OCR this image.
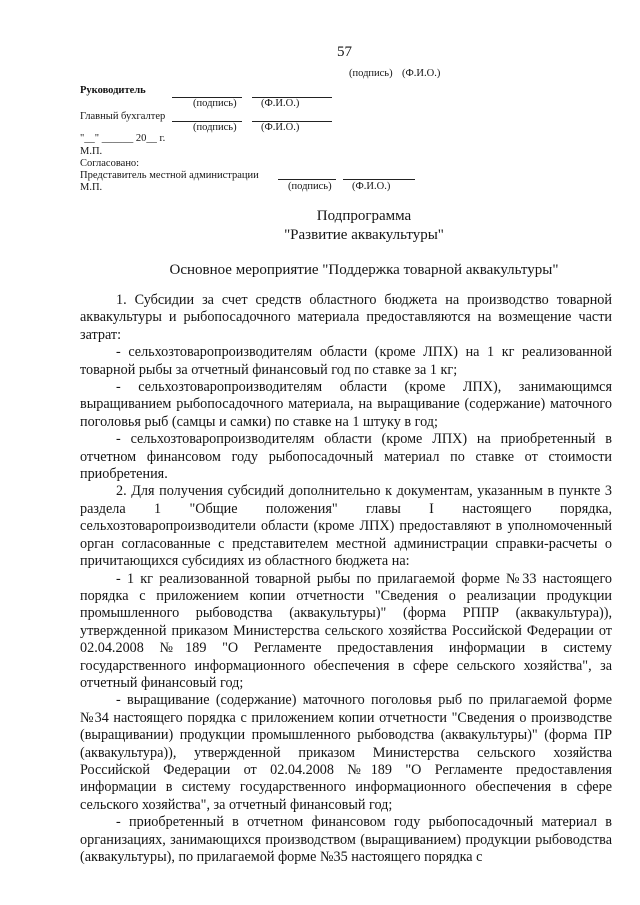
57
(подпись) (Ф.И.О.)
Руководитель
(подпись) (Ф.И.О.)
Главный бухгалтер
(подпись) (Ф.И.О.)
"__" ______ 20__ г.
М.П.
Согласовано:
Представитель местной администрации
М.П.	(подпись) (Ф.И.О.)
Подпрограмма
"Развитие аквакультуры"
Основное мероприятие "Поддержка товарной аквакультуры"

1. Субсидии за счет средств областного бюджета на производство товарной аквакультуры и рыбопосадочного материала предоставляются на возмещение части затрат:

- сельхозтоваропроизводителям области (кроме ЛПХ) на 1 кг реализованной товарной рыбы за отчетный финансовый год по ставке за 1 кг;

- сельхозтоваропроизводителям области (кроме ЛПХ), занимающимся выращиванием рыбопосадочного материала, на выращивание (содержание) маточного поголовья рыб (самцы и самки) по ставке на 1 штуку в год;

- сельхозтоваропроизводителям области (кроме ЛПХ) на приобретенный в отчетном финансовом году рыбопосадочный материал по ставке от стоимости приобретения.

2. Для получения субсидий дополнительно к документам, указанным в пункте 3 раздела 1 "Общие положения" главы I настоящего порядка, сельхозтоваропроизводители области (кроме ЛПХ) предоставляют в уполномоченный орган согласованные с представителем местной администрации справки-расчеты о причитающихся субсидиях из областного бюджета на:

- 1 кг реализованной товарной рыбы по прилагаемой форме №33 настоящего порядка с приложением копии отчетности "Сведения о реализации продукции промышленного рыбоводства (аквакультуры)" (форма РППР (аквакультура)), утвержденной приказом Министерства сельского хозяйства Российской Федерации от 02.04.2008 №189 "О Регламенте предоставления информации в систему государственного информационного обеспечения в сфере сельского хозяйства", за отчетный финансовый год;

- выращивание (содержание) маточного поголовья рыб по прилагаемой форме №34 настоящего порядка с приложением копии отчетности "Сведения о производстве (выращивании) продукции промышленного рыбоводства (аквакультуры)" (форма ПР (аквакультура)), утвержденной приказом Министерства сельского хозяйства Российской Федерации от 02.04.2008 №189 "О Регламенте предоставления информации в систему государственного информационного обеспечения в сфере сельского хозяйства", за отчетный финансовый год;

- приобретенный в отчетном финансовом году рыбопосадочный материал в организациях, занимающихся производством (выращиванием) продукции рыбоводства (аквакультуры), по прилагаемой форме №35 настоящего порядка с
